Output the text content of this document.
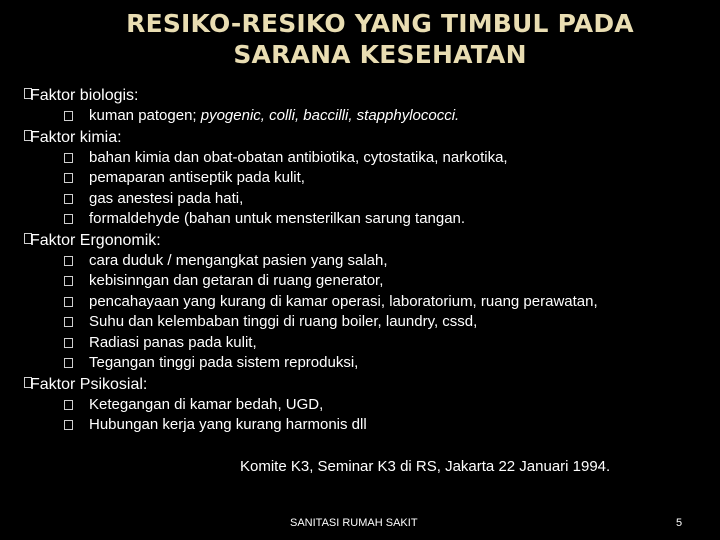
RESIKO-RESIKO YANG TIMBUL PADA
SARANA KESEHATAN
Faktor biologis:
kuman patogen; pyogenic, colli, baccilli, stapphylococci.
Faktor kimia:
bahan kimia dan obat-obatan antibiotika, cytostatika, narkotika,
pemaparan antiseptik pada kulit,
gas anestesi pada hati,
formaldehyde (bahan untuk mensterilkan sarung tangan.
Faktor Ergonomik:
cara duduk / mengangkat pasien yang salah,
kebisinngan dan getaran di ruang generator,
pencahayaan yang kurang di kamar operasi, laboratorium, ruang perawatan,
Suhu dan kelembaban tinggi di ruang boiler, laundry, cssd,
Radiasi panas pada kulit,
Tegangan tinggi pada sistem reproduksi,
Faktor Psikosial:
Ketegangan di kamar bedah, UGD,
Hubungan kerja yang kurang harmonis dll
Komite K3, Seminar K3 di RS, Jakarta 22 Januari 1994.
SANITASI RUMAH SAKIT	5
